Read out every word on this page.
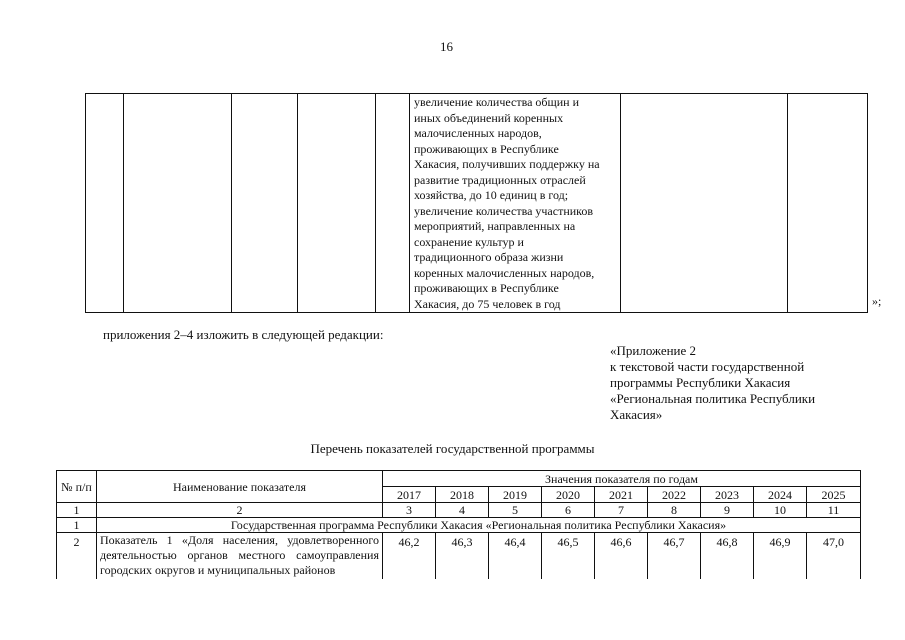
16

увеличение количества общин и

иных объединений коренных

малочисленных народов,

проживающих в Республике

Хакасия, получивших поддержку на

развитие традиционных отраслей

хозяйства, до 10 единиц в год;

увеличение количества участников

мероприятий, направленных на

сохранение культур и

традиционного образа жизни

коренных малочисленных народов,

проживающих в Республике

Хакасия, до 75 человек в год

			»;
приложения 2–4 изложить в следующей редакции:
«Приложение 2
к текстовой части государственной
программы Республики Хакасия
«Региональная политика Республики
Хакасия»
Перечень показателей государственной программы
№ п/п	Наименование показателя	Значения показателя по годам								
		2017	2018	2019	2020	2021	2022	2023	2024	2025
1	2	3	4	5	6	7	8	9	10	11
1	Государственная программа Республики Хакасия «Региональная политика Республики Хакасия»									
2	Показатель 1 «Доля населения, удовлетворенного деятельностью органов местного самоуправления городских округов и муниципальных районов	46,2	46,3	46,4	46,5	46,6	46,7	46,8	46,9	47,0
